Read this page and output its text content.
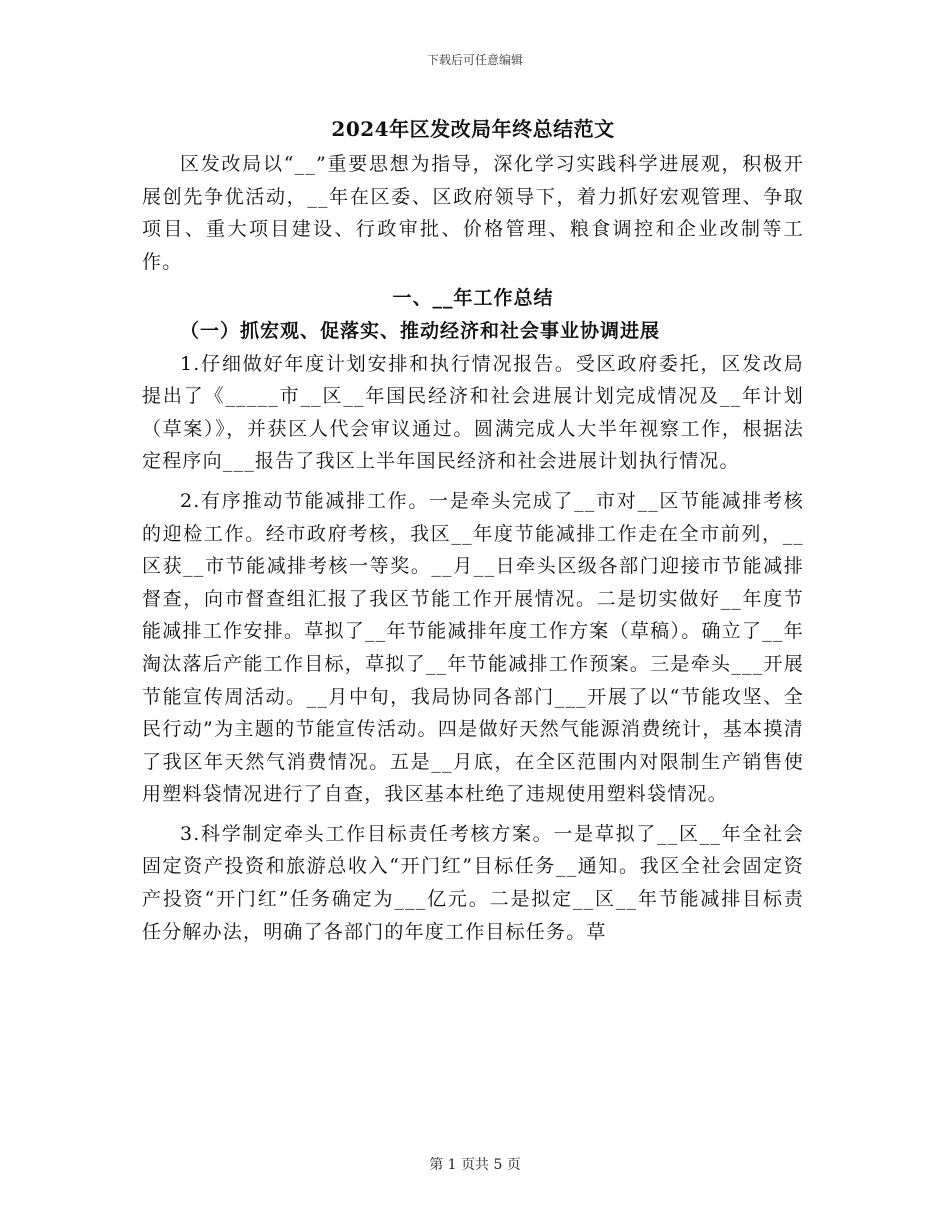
下载后可任意编辑
2024年区发改局年终总结范文

区发改局以“__”重要思想为指导，深化学习实践科学进展观，积极开展创先争优活动，__年在区委、区政府领导下，着力抓好宏观管理、争取项目、重大项目建设、行政审批、价格管理、粮食调控和企业改制等工作。

一、__年工作总结

（一）抓宏观、促落实、推动经济和社会事业协调进展

1.仔细做好年度计划安排和执行情况报告。受区政府委托，区发改局提出了《_____市__区__年国民经济和社会进展计划完成情况及__年计划（草案）》，并获区人代会审议通过。圆满完成人大半年视察工作，根据法定程序向___报告了我区上半年国民经济和社会进展计划执行情况。

2.有序推动节能减排工作。一是牵头完成了__市对__区节能减排考核的迎检工作。经市政府考核，我区__年度节能减排工作走在全市前列，__区获__市节能减排考核一等奖。__月__日牵头区级各部门迎接市节能减排督查，向市督查组汇报了我区节能工作开展情况。二是切实做好__年度节能减排工作安排。草拟了__年节能减排年度工作方案（草稿）。确立了__年淘汰落后产能工作目标，草拟了__年节能减排工作预案。三是牵头___开展节能宣传周活动。__月中旬，我局协同各部门___开展了以“节能攻坚、全民行动”为主题的节能宣传活动。四是做好天然气能源消费统计，基本摸清了我区年天然气消费情况。五是__月底，在全区范围内对限制生产销售使用塑料袋情况进行了自查，我区基本杜绝了违规使用塑料袋情况。

3.科学制定牵头工作目标责任考核方案。一是草拟了__区__年全社会固定资产投资和旅游总收入“开门红”目标任务__通知。我区全社会固定资产投资“开门红”任务确定为___亿元。二是拟定__区__年节能减排目标责任分解办法，明确了各部门的年度工作目标任务。草

第 1 页共 5 页
